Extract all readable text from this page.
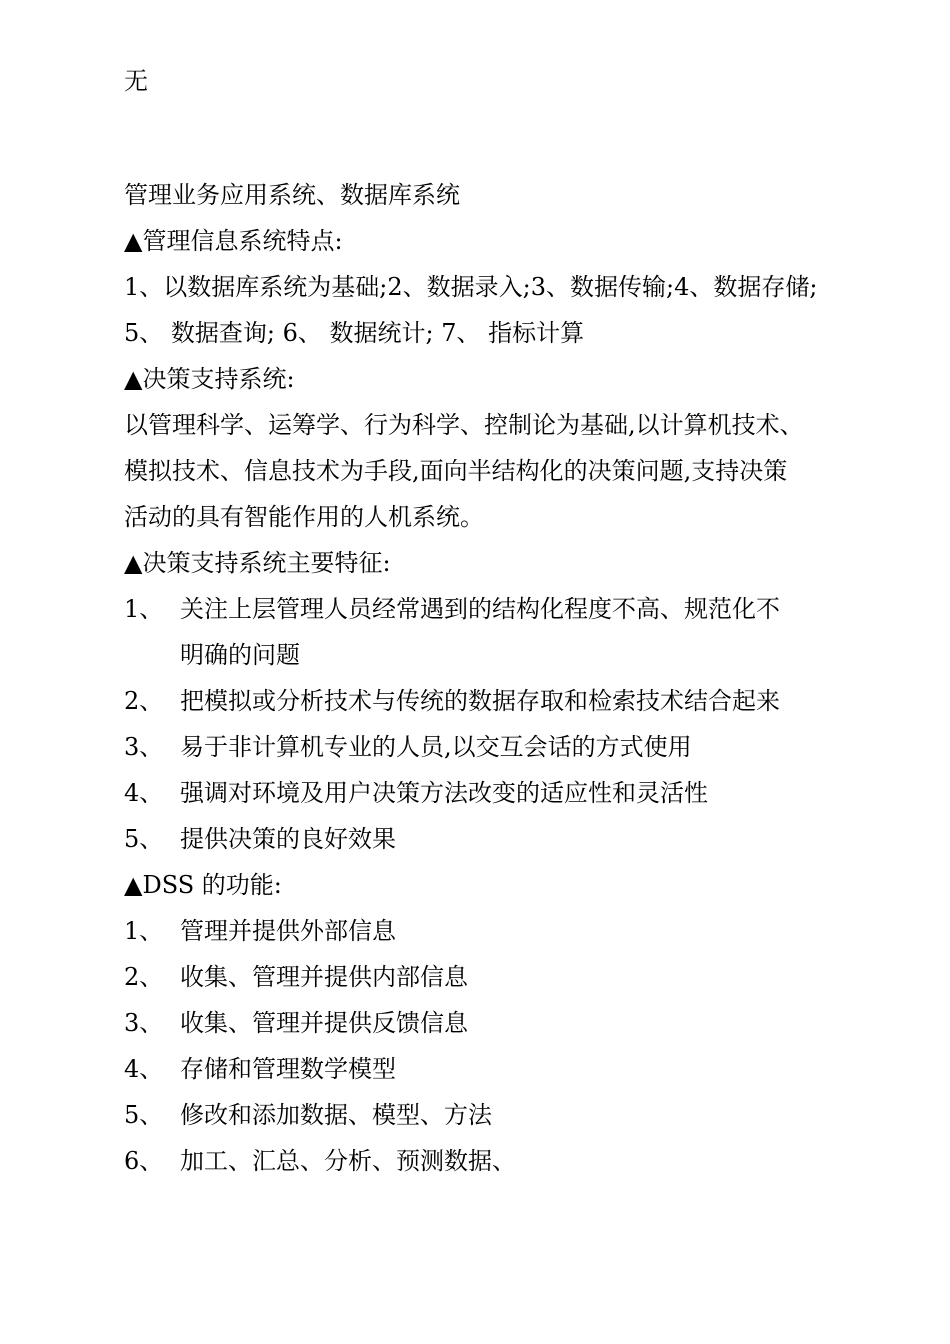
无
管理业务应用系统、数据库系统
▲管理信息系统特点:
1、以数据库系统为基础;2、数据录入;3、数据传输;4、数据存储;
5、 数据查询; 6、 数据统计; 7、 指标计算
▲决策支持系统:
以管理科学、运筹学、行为科学、控制论为基础,以计算机技术、
模拟技术、信息技术为手段,面向半结构化的决策问题,支持决策
活动的具有智能作用的人机系统。
▲决策支持系统主要特征:
1、 关注上层管理人员经常遇到的结构化程度不高、规范化不
明确的问题
2、 把模拟或分析技术与传统的数据存取和检索技术结合起来
3、 易于非计算机专业的人员,以交互会话的方式使用
4、 强调对环境及用户决策方法改变的适应性和灵活性
5、 提供决策的良好效果
▲DSS 的功能:
1、 管理并提供外部信息
2、 收集、管理并提供内部信息
3、 收集、管理并提供反馈信息
4、 存储和管理数学模型
5、 修改和添加数据、模型、方法
6、 加工、汇总、分析、预测数据、
